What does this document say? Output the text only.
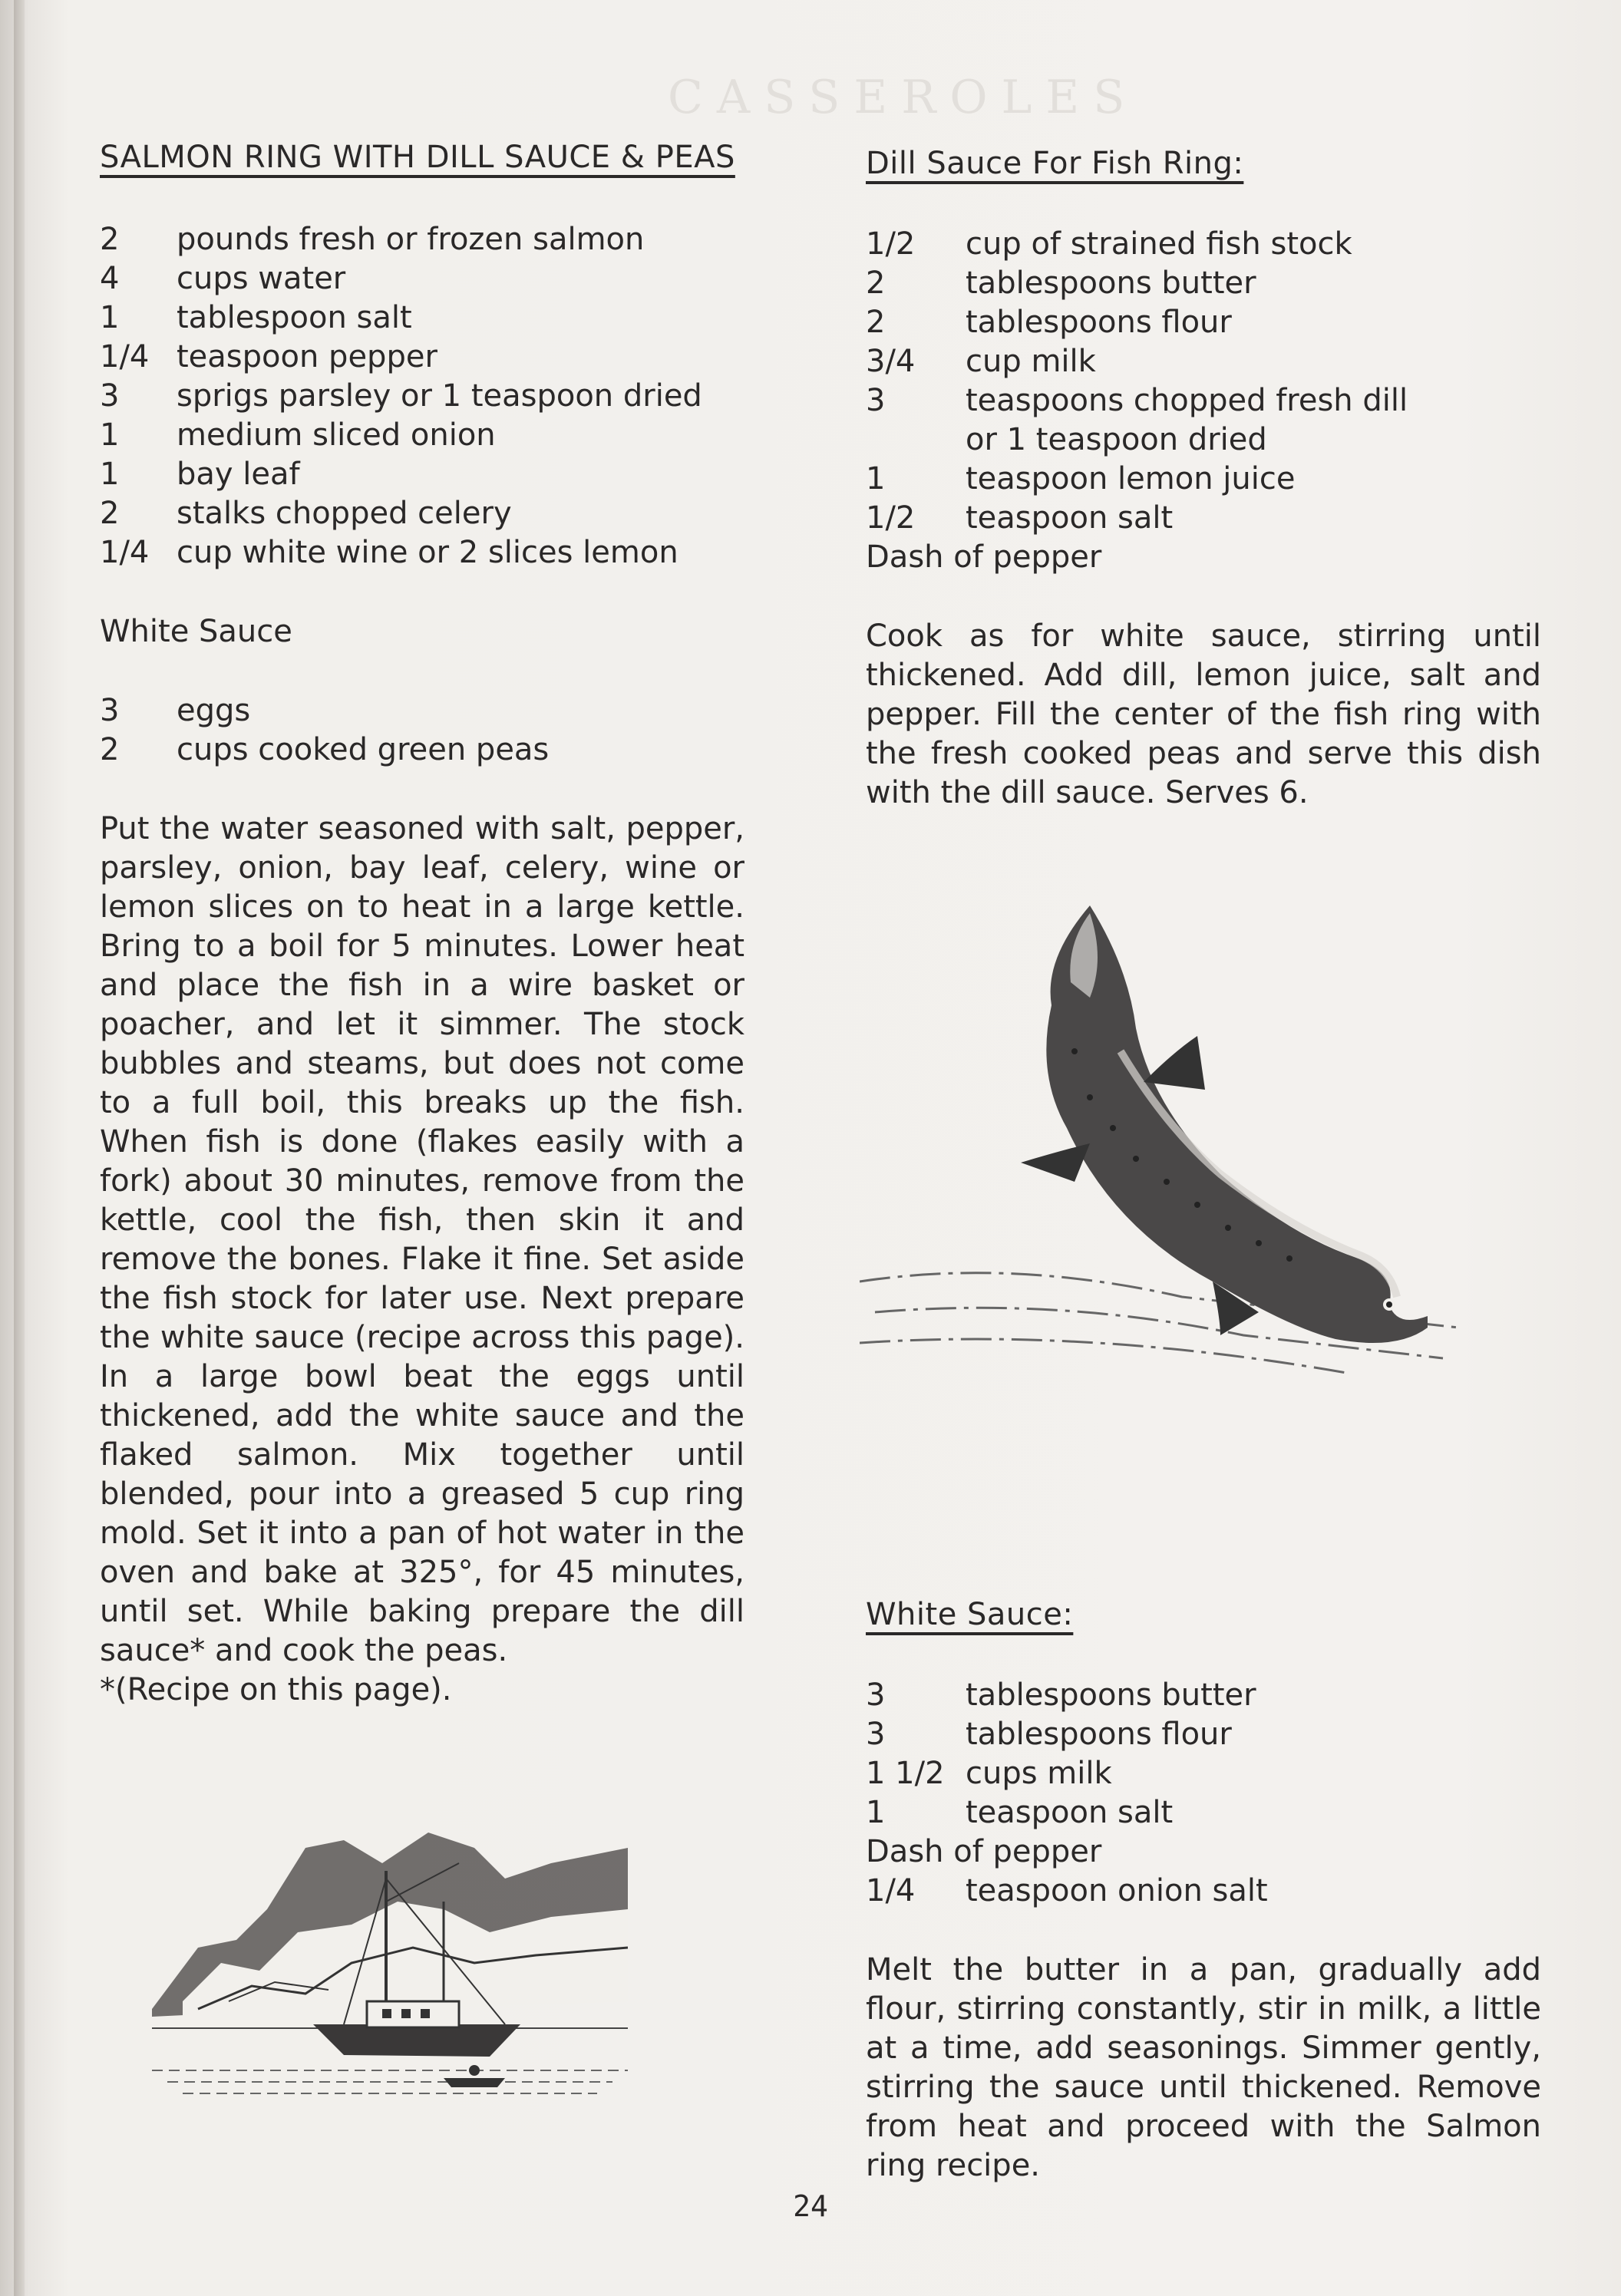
CASSEROLES
SALMON RING WITH DILL SAUCE & PEAS
2	pounds fresh or frozen salmon
4	cups water
1	tablespoon salt
1/4 teaspoon pepper
3	sprigs parsley or 1 teaspoon dried
1	medium sliced onion
1	bay leaf
2	stalks chopped celery
1/4 cup white wine or 2 slices lemon

White Sauce

3	eggs
2	cups cooked green peas

Put the water seasoned with salt, pepper, parsley, onion, bay leaf, celery, wine or lemon slices on to heat in a large kettle. Bring to a boil for 5 minutes. Lower heat and place the fish in a wire basket or poacher, and let it simmer. The stock bubbles and steams, but does not come to a full boil, this breaks up the fish. When fish is done (flakes easily with a fork) about 30 minutes, remove from the kettle, cool the fish, then skin it and remove the bones. Flake it fine. Set aside the fish stock for later use. Next prepare the white sauce (recipe across this page). In a large bowl beat the eggs until thickened, add the white sauce and the flaked salmon. Mix together until blended, pour into a greased 5 cup ring mold. Set it into a pan of hot water in the oven and bake at 325°, for 45 minutes, until set. While baking prepare the dill sauce* and cook the peas.

*(Recipe on this page).

Dill Sauce For Fish Ring:
1/2	cup of strained fish stock
2	tablespoons butter
2	tablespoons flour
3/4	cup milk
3	teaspoons chopped fresh dill
or 1 teaspoon dried
1	teaspoon lemon juice
1/2	teaspoon salt

Dash of pepper

Cook as for white sauce, stirring until thickened. Add dill, lemon juice, salt and pepper. Fill the center of the fish ring with the fresh cooked peas and serve this dish with the dill sauce. Serves 6.

White Sauce:
3	tablespoons butter
3	tablespoons flour
1 1/2 cups milk
1	teaspoon salt

Dash of pepper

1/4	teaspoon onion salt

Melt the butter in a pan, gradually add flour, stirring constantly, stir in milk, a little at a time, add seasonings. Simmer gently, stirring the sauce until thickened. Remove from heat and proceed with the Salmon ring recipe.

24
